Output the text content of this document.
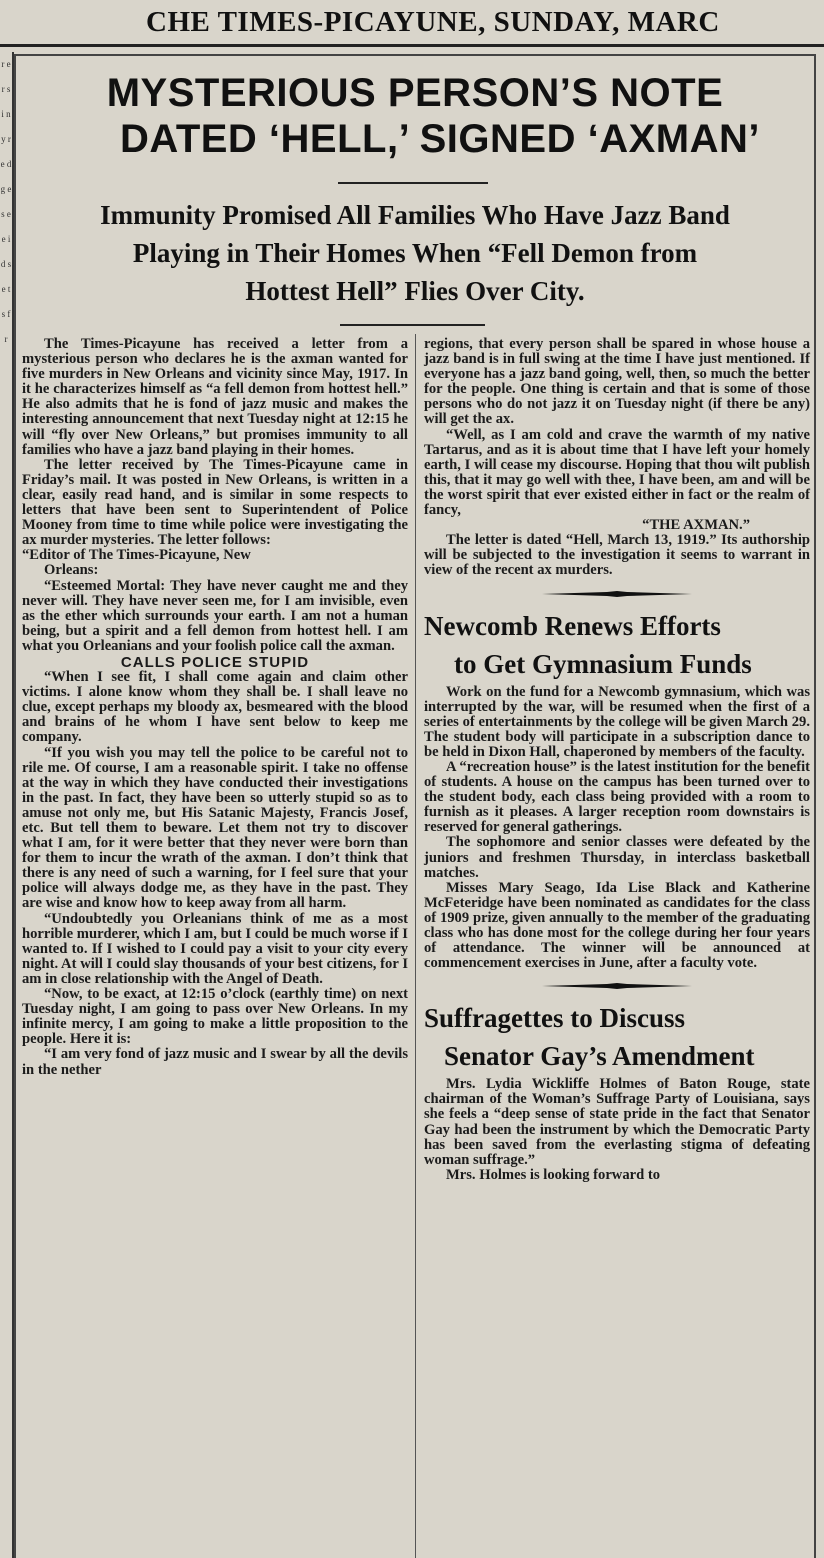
CHE TIMES-PICAYUNE, SUNDAY, MARC
r e r s i n y r e d g e s e e i d s e t s f r
MYSTERIOUS PERSON’S NOTE
DATED ‘HELL,’ SIGNED ‘AXMAN’
Immunity Promised All Families Who Have Jazz Band
Playing in Their Homes When “Fell Demon from
Hottest Hell” Flies Over City.

The Times-Picayune has received a letter from a mysterious person who declares he is the axman wanted for five murders in New Orleans and vicinity since May, 1917. In it he characterizes himself as “a fell demon from hottest hell.” He also admits that he is fond of jazz music and makes the interesting announcement that next Tuesday night at 12:15 he will “fly over New Orleans,” but promises immunity to all families who have a jazz band playing in their homes.

The letter received by The Times-Picayune came in Friday’s mail. It was posted in New Orleans, is written in a clear, easily read hand, and is similar in some respects to letters that have been sent to Superintendent of Police Mooney from time to time while police were investigating the ax murder mysteries. The letter follows:

“Editor of The Times-Picayune, New

Orleans:

“Esteemed Mortal: They have never caught me and they never will. They have never seen me, for I am invisible, even as the ether which surrounds your earth. I am not a human being, but a spirit and a fell demon from hottest hell. I am what you Orleanians and your foolish police call the axman.

CALLS POLICE STUPID

“When I see fit, I shall come again and claim other victims. I alone know whom they shall be. I shall leave no clue, except perhaps my bloody ax, besmeared with the blood and brains of he whom I have sent below to keep me company.

“If you wish you may tell the police to be careful not to rile me. Of course, I am a reasonable spirit. I take no offense at the way in which they have conducted their investigations in the past. In fact, they have been so utterly stupid so as to amuse not only me, but His Satanic Majesty, Francis Josef, etc. But tell them to beware. Let them not try to discover what I am, for it were better that they never were born than for them to incur the wrath of the axman. I don’t think that there is any need of such a warning, for I feel sure that your police will always dodge me, as they have in the past. They are wise and know how to keep away from all harm.

“Undoubtedly you Orleanians think of me as a most horrible murderer, which I am, but I could be much worse if I wanted to. If I wished to I could pay a visit to your city every night. At will I could slay thousands of your best citizens, for I am in close relationship with the Angel of Death.

“Now, to be exact, at 12:15 o’clock (earthly time) on next Tuesday night, I am going to pass over New Orleans. In my infinite mercy, I am going to make a little proposition to the people. Here it is:

“I am very fond of jazz music and I swear by all the devils in the nether

regions, that every person shall be spared in whose house a jazz band is in full swing at the time I have just mentioned. If everyone has a jazz band going, well, then, so much the better for the people. One thing is certain and that is some of those persons who do not jazz it on Tuesday night (if there be any) will get the ax.

“Well, as I am cold and crave the warmth of my native Tartarus, and as it is about time that I have left your homely earth, I will cease my discourse. Hoping that thou wilt publish this, that it may go well with thee, I have been, am and will be the worst spirit that ever existed either in fact or the realm of fancy,

“THE AXMAN.”

The letter is dated “Hell, March 13, 1919.” Its authorship will be subjected to the investigation it seems to warrant in view of the recent ax murders.

Newcomb Renews Efforts
to Get Gymnasium Funds

Work on the fund for a Newcomb gymnasium, which was interrupted by the war, will be resumed when the first of a series of entertainments by the college will be given March 29. The student body will participate in a subscription dance to be held in Dixon Hall, chaperoned by members of the faculty.

A “recreation house” is the latest institution for the benefit of students. A house on the campus has been turned over to the student body, each class being provided with a room to furnish as it pleases. A larger reception room downstairs is reserved for general gatherings.

The sophomore and senior classes were defeated by the juniors and freshmen Thursday, in interclass basketball matches.

Misses Mary Seago, Ida Lise Black and Katherine McFeteridge have been nominated as candidates for the class of 1909 prize, given annually to the member of the graduating class who has done most for the college during her four years of attendance. The winner will be announced at commencement exercises in June, after a faculty vote.

Suffragettes to Discuss
Senator Gay’s Amendment

Mrs. Lydia Wickliffe Holmes of Baton Rouge, state chairman of the Woman’s Suffrage Party of Louisiana, says she feels a “deep sense of state pride in the fact that Senator Gay had been the instrument by which the Democratic Party has been saved from the everlasting stigma of defeating woman suffrage.”

Mrs. Holmes is looking forward to
